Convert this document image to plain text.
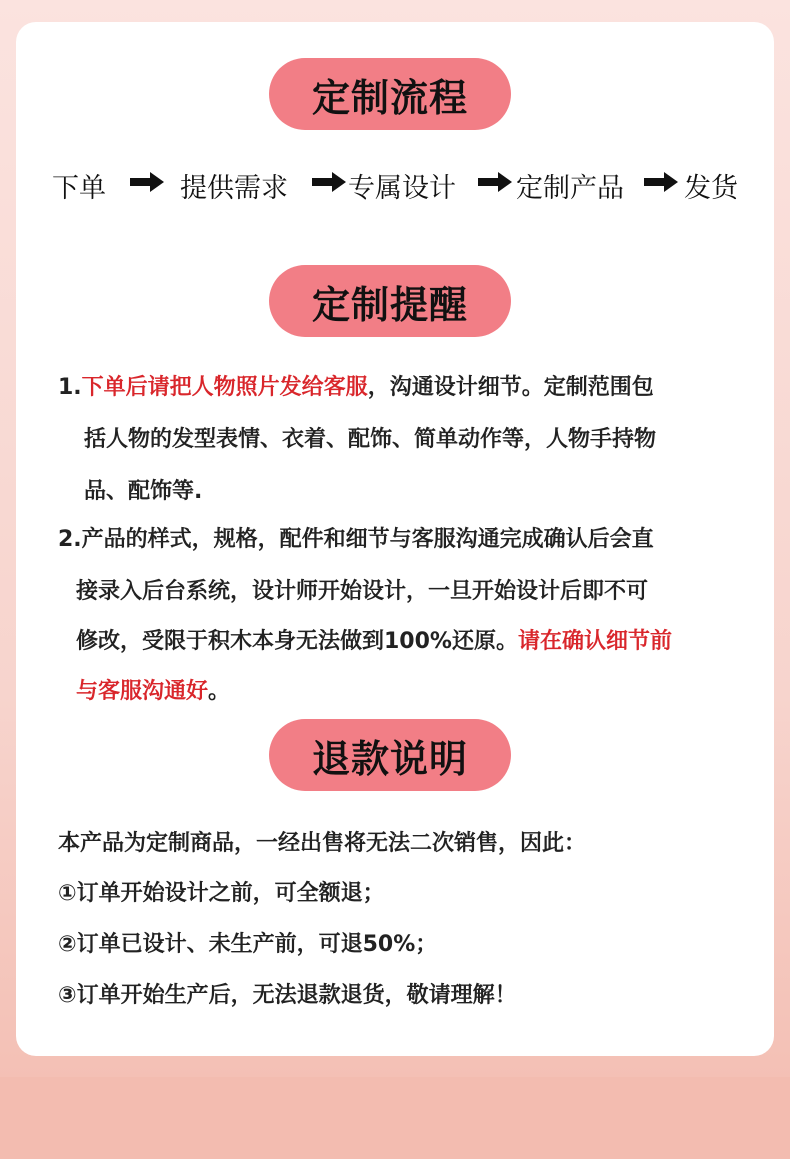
定制流程
下单	提供需求 专属设计 定制产品 发货
定制提醒
1.下单后请把人物照片发给客服，沟通设计细节。定制范围包
括人物的发型表情、衣着、配饰、简单动作等，人物手持物
品、配饰等.
2.产品的样式，规格，配件和细节与客服沟通完成确认后会直
接录入后台系统，设计师开始设计，一旦开始设计后即不可
修改，受限于积木本身无法做到100%还原。请在确认细节前
与客服沟通好。
退款说明
本产品为定制商品，一经出售将无法二次销售，因此：
①订单开始设计之前，可全额退；
②订单已设计、未生产前，可退50%；
③订单开始生产后，无法退款退货，敬请理解！
